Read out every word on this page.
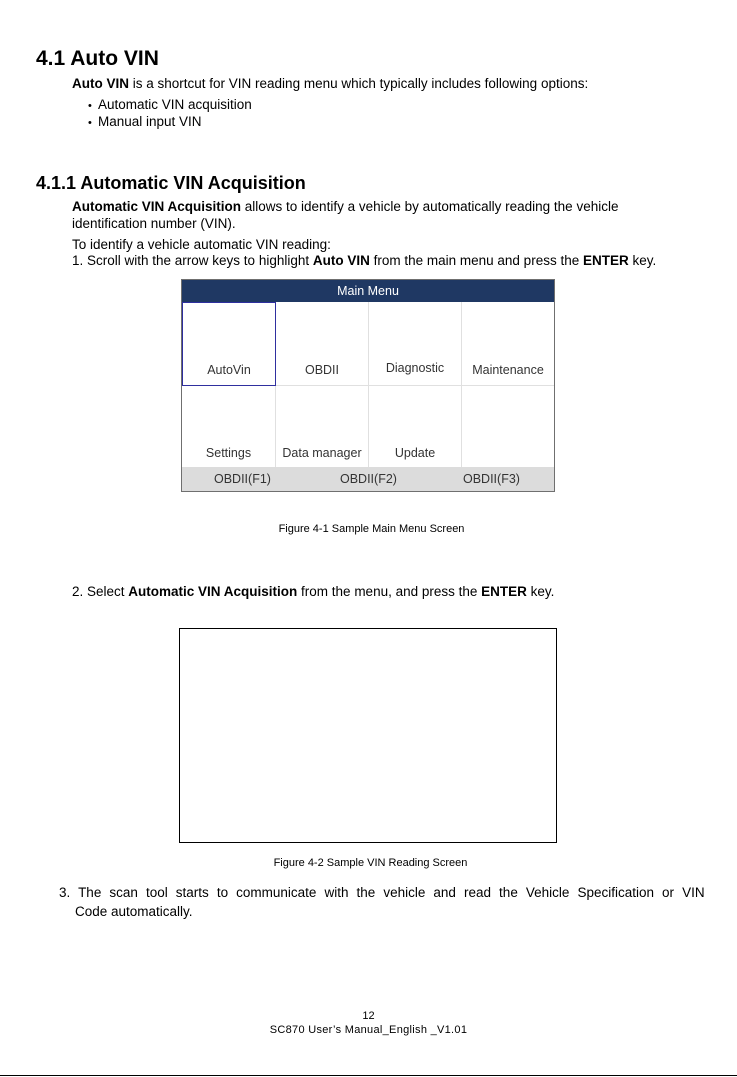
4.1 Auto VIN
Auto VIN is a shortcut for VIN reading menu which typically includes following options:
• Automatic VIN acquisition
• Manual input VIN
4.1.1 Automatic VIN Acquisition
Automatic VIN Acquisition allows to identify a vehicle by automatically reading the vehicle
identification number (VIN).
To identify a vehicle automatic VIN reading:
1. Scroll with the arrow keys to highlight Auto VIN from the main menu and press the ENTER key.
Main Menu
AutoVin	OBDII	Diagnostic	Maintenance
Settings	Data manager	Update
OBDII(F1)	OBDII(F2)	OBDII(F3)
Figure 4-1 Sample Main Menu Screen
2. Select Automatic VIN Acquisition from the menu, and press the ENTER key.
Figure 4-2 Sample VIN Reading Screen
3. The scan tool starts to communicate with the vehicle and read the Vehicle Specification or VIN
Code automatically.
12
SC870 User’s Manual_English _V1.01
